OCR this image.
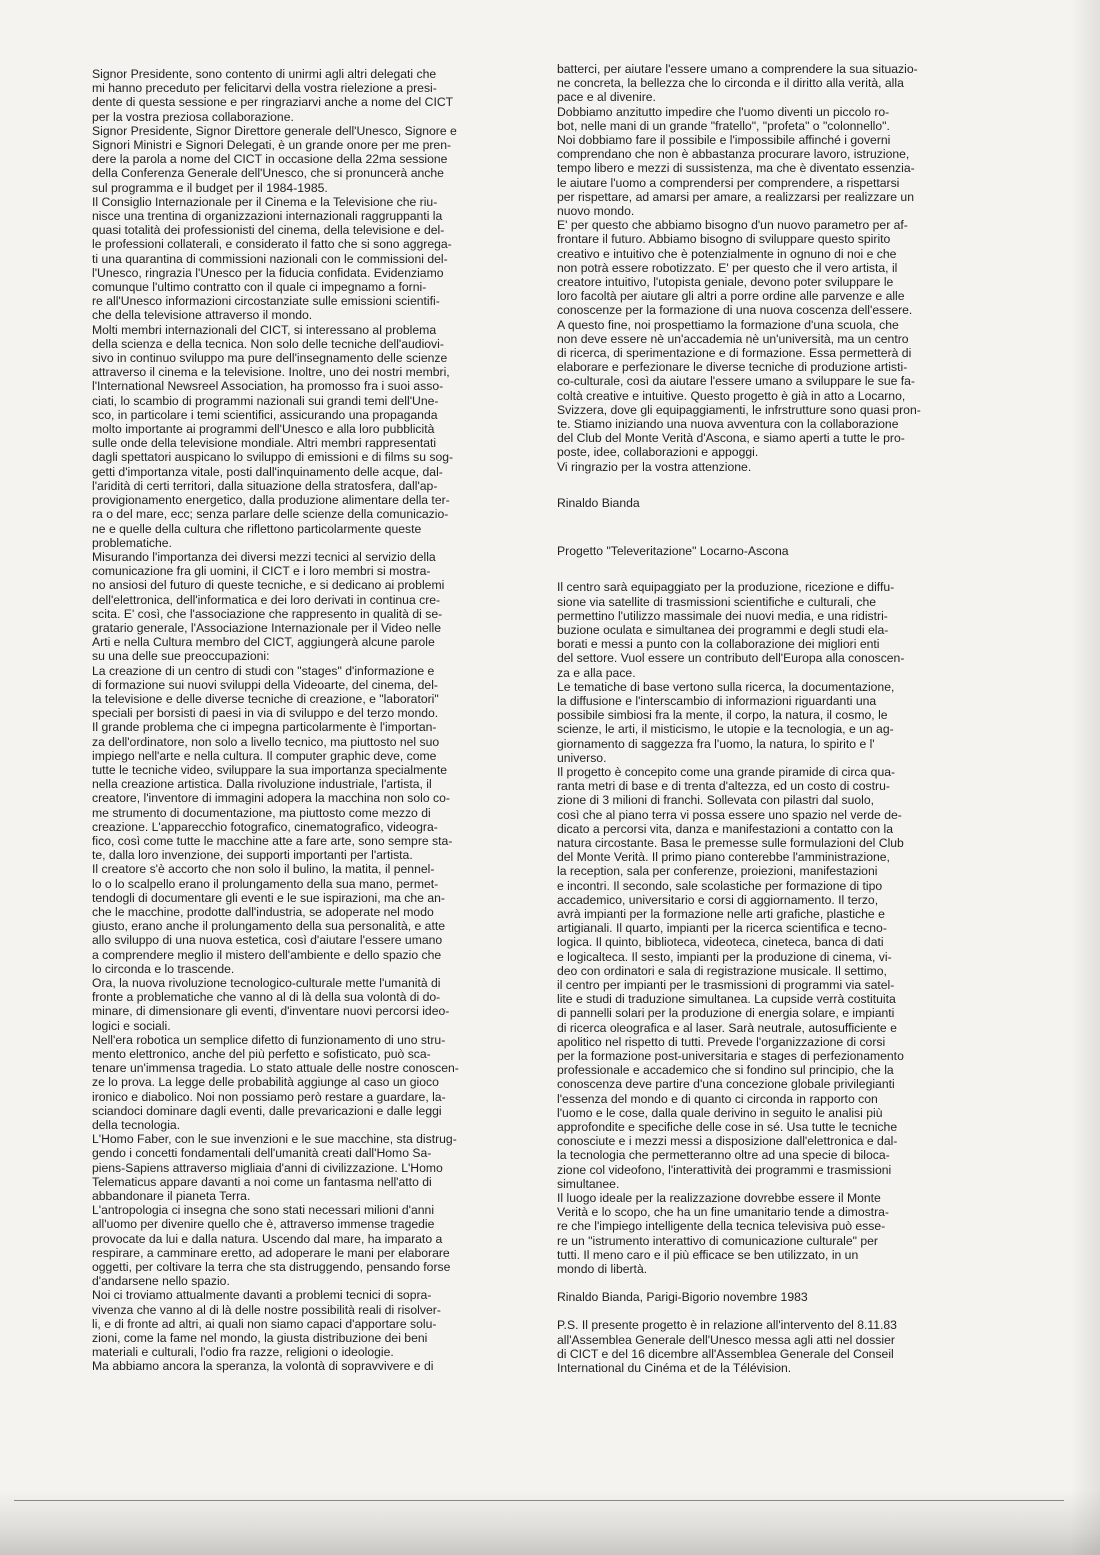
Signor Presidente, sono contento di unirmi agli altri delegati che
mi hanno preceduto per felicitarvi della vostra rielezione a presi-
dente di questa sessione e per ringraziarvi anche a nome del CICT
per la vostra preziosa collaborazione.

Signor Presidente, Signor Direttore generale dell'Unesco, Signore e
Signori Ministri e Signori Delegati, è un grande onore per me pren-
dere la parola a nome del CICT in occasione della 22ma sessione
della Conferenza Generale dell'Unesco, che si pronuncerà anche
sul programma e il budget per il 1984-1985.

Il Consiglio Internazionale per il Cinema e la Televisione che riu-
nisce una trentina di organizzazioni internazionali raggruppanti la
quasi totalità dei professionisti del cinema, della televisione e del-
le professioni collaterali, e considerato il fatto che si sono aggrega-
ti una quarantina di commissioni nazionali con le commissioni del-
l'Unesco, ringrazia l'Unesco per la fiducia confidata. Evidenziamo
comunque l'ultimo contratto con il quale ci impegnamo a forni-
re all'Unesco informazioni circostanziate sulle emissioni scientifi-
che della televisione attraverso il mondo.

Molti membri internazionali del CICT, si interessano al problema
della scienza e della tecnica. Non solo delle tecniche dell'audiovi-
sivo in continuo sviluppo ma pure dell'insegnamento delle scienze
attraverso il cinema e la televisione. Inoltre, uno dei nostri membri,
l'International Newsreel Association, ha promosso fra i suoi asso-
ciati, lo scambio di programmi nazionali sui grandi temi dell'Une-
sco, in particolare i temi scientifici, assicurando una propaganda
molto importante ai programmi dell'Unesco e alla loro pubblicità
sulle onde della televisione mondiale. Altri membri rappresentati
dagli spettatori auspicano lo sviluppo di emissioni e di films su sog-
getti d'importanza vitale, posti dall'inquinamento delle acque, dal-
l'aridità di certi territori, dalla situazione della stratosfera, dall'ap-
provigionamento energetico, dalla produzione alimentare della ter-
ra o del mare, ecc; senza parlare delle scienze della comunicazio-
ne e quelle della cultura che riflettono particolarmente queste
problematiche.

Misurando l'importanza dei diversi mezzi tecnici al servizio della
comunicazione fra gli uomini, il CICT e i loro membri si mostra-
no ansiosi del futuro di queste tecniche, e si dedicano ai problemi
dell'elettronica, dell'informatica e dei loro derivati in continua cre-
scita. E' così, che l'associazione che rappresento in qualità di se-
gratario generale, l'Associazione Internazionale per il Video nelle
Arti e nella Cultura membro del CICT, aggiungerà alcune parole
su una delle sue preoccupazioni:

La creazione di un centro di studi con "stages" d'informazione e
di formazione sui nuovi sviluppi della Videoarte, del cinema, del-
la televisione e delle diverse tecniche di creazione, e "laboratori"
speciali per borsisti di paesi in via di sviluppo e del terzo mondo.

Il grande problema che ci impegna particolarmente è l'importan-
za dell'ordinatore, non solo a livello tecnico, ma piuttosto nel suo
impiego nell'arte e nella cultura. Il computer graphic deve, come
tutte le tecniche video, sviluppare la sua importanza specialmente
nella creazione artistica. Dalla rivoluzione industriale, l'artista, il
creatore, l'inventore di immagini adopera la macchina non solo co-
me strumento di documentazione, ma piuttosto come mezzo di
creazione. L'apparecchio fotografico, cinematografico, videogra-
fico, così come tutte le macchine atte a fare arte, sono sempre sta-
te, dalla loro invenzione, dei supporti importanti per l'artista.

Il creatore s'è accorto che non solo il bulino, la matita, il pennel-
lo o lo scalpello erano il prolungamento della sua mano, permet-
tendogli di documentare gli eventi e le sue ispirazioni, ma che an-
che le macchine, prodotte dall'industria, se adoperate nel modo
giusto, erano anche il prolungamento della sua personalità, e atte
allo sviluppo di una nuova estetica, così d'aiutare l'essere umano
a comprendere meglio il mistero dell'ambiente e dello spazio che
lo circonda e lo trascende.

Ora, la nuova rivoluzione tecnologico-culturale mette l'umanità di
fronte a problematiche che vanno al di là della sua volontà di do-
minare, di dimensionare gli eventi, d'inventare nuovi percorsi ideo-
logici e sociali.

Nell'era robotica un semplice difetto di funzionamento di uno stru-
mento elettronico, anche del più perfetto e sofisticato, può sca-
tenare un'immensa tragedia. Lo stato attuale delle nostre conoscen-
ze lo prova. La legge delle probabilità aggiunge al caso un gioco
ironico e diabolico. Noi non possiamo però restare a guardare, la-
sciandoci dominare dagli eventi, dalle prevaricazioni e dalle leggi
della tecnologia.

L'Homo Faber, con le sue invenzioni e le sue macchine, sta distrug-
gendo i concetti fondamentali dell'umanità creati dall'Homo Sa-
piens-Sapiens attraverso migliaia d'anni di civilizzazione. L'Homo
Telematicus appare davanti a noi come un fantasma nell'atto di
abbandonare il pianeta Terra.

L'antropologia ci insegna che sono stati necessari milioni d'anni
all'uomo per divenire quello che è, attraverso immense tragedie
provocate da lui e dalla natura. Uscendo dal mare, ha imparato a
respirare, a camminare eretto, ad adoperare le mani per elaborare
oggetti, per coltivare la terra che sta distruggendo, pensando forse
d'andarsene nello spazio.

Noi ci troviamo attualmente davanti a problemi tecnici di sopra-
vivenza che vanno al di là delle nostre possibilità reali di risolver-
li, e di fronte ad altri, ai quali non siamo capaci d'apportare solu-
zioni, come la fame nel mondo, la giusta distribuzione dei beni
materiali e culturali, l'odio fra razze, religioni o ideologie.

Ma abbiamo ancora la speranza, la volontà di sopravvivere e di

batterci, per aiutare l'essere umano a comprendere la sua situazio-
ne concreta, la bellezza che lo circonda e il diritto alla verità, alla
pace e al divenire.

Dobbiamo anzitutto impedire che l'uomo diventi un piccolo ro-
bot, nelle mani di un grande "fratello", "profeta" o "colonnello".
Noi dobbiamo fare il possibile e l'impossibile affinché i governi
comprendano che non è abbastanza procurare lavoro, istruzione,
tempo libero e mezzi di sussistenza, ma che è diventato essenzia-
le aiutare l'uomo a comprendersi per comprendere, a rispettarsi
per rispettare, ad amarsi per amare, a realizzarsi per realizzare un
nuovo mondo.

E' per questo che abbiamo bisogno d'un nuovo parametro per af-
frontare il futuro. Abbiamo bisogno di sviluppare questo spirito
creativo e intuitivo che è potenzialmente in ognuno di noi e che
non potrà essere robotizzato. E' per questo che il vero artista, il
creatore intuitivo, l'utopista geniale, devono poter sviluppare le
loro facoltà per aiutare gli altri a porre ordine alle parvenze e alle
conoscenze per la formazione di una nuova coscenza dell'essere.

A questo fine, noi prospettiamo la formazione d'una scuola, che
non deve essere nè un'accademia nè un'università, ma un centro
di ricerca, di sperimentazione e di formazione. Essa permetterà di
elaborare e perfezionare le diverse tecniche di produzione artisti-
co-culturale, così da aiutare l'essere umano a sviluppare le sue fa-
coltà creative e intuitive. Questo progetto è già in atto a Locarno,
Svizzera, dove gli equipaggiamenti, le infrstrutture sono quasi pron-
te. Stiamo iniziando una nuova avventura con la collaborazione
del Club del Monte Verità d'Ascona, e siamo aperti a tutte le pro-
poste, idee, collaborazioni e appoggi.

Vi ringrazio per la vostra attenzione.

Rinaldo Bianda

Progetto "Televeritazione" Locarno-Ascona

Il centro sarà equipaggiato per la produzione, ricezione e diffu-
sione via satellite di trasmissioni scientifiche e culturali, che
permettino l'utilizzo massimale dei nuovi media, e una ridistri-
buzione oculata e simultanea dei programmi e degli studi ela-
borati e messi a punto con la collaborazione dei migliori enti
del settore. Vuol essere un contributo dell'Europa alla conoscen-
za e alla pace.

Le tematiche di base vertono sulla ricerca, la documentazione,
la diffusione e l'interscambio di informazioni riguardanti una
possibile simbiosi fra la mente, il corpo, la natura, il cosmo, le
scienze, le arti, il misticismo, le utopie e la tecnologia, e un ag-
giornamento di saggezza fra l'uomo, la natura, lo spirito e l'
universo.

Il progetto è concepito come una grande piramide di circa qua-
ranta metri di base e di trenta d'altezza, ed un costo di costru-
zione di 3 milioni di franchi. Sollevata con pilastri dal suolo,
così che al piano terra vi possa essere uno spazio nel verde de-
dicato a percorsi vita, danza e manifestazioni a contatto con la
natura circostante. Basa le premesse sulle formulazioni del Club
del Monte Verità. Il primo piano conterebbe l'amministrazione,
la reception, sala per conferenze, proiezioni, manifestazioni
e incontri. Il secondo, sale scolastiche per formazione di tipo
accademico, universitario e corsi di aggiornamento. Il terzo,
avrà impianti per la formazione nelle arti grafiche, plastiche e
artigianali. Il quarto, impianti per la ricerca scientifica e tecno-
logica. Il quinto, biblioteca, videoteca, cineteca, banca di dati
e logicalteca. Il sesto, impianti per la produzione di cinema, vi-
deo con ordinatori e sala di registrazione musicale. Il settimo,
il centro per impianti per le trasmissioni di programmi via satel-
lite e studi di traduzione simultanea. La cupside verrà costituita
di pannelli solari per la produzione di energia solare, e impianti
di ricerca oleografica e al laser. Sarà neutrale, autosufficiente e
apolitico nel rispetto di tutti. Prevede l'organizzazione di corsi
per la formazione post-universitaria e stages di perfezionamento
professionale e accademico che si fondino sul principio, che la
conoscenza deve partire d'una concezione globale privilegianti
l'essenza del mondo e di quanto ci circonda in rapporto con
l'uomo e le cose, dalla quale derivino in seguito le analisi più
approfondite e specifiche delle cose in sé. Usa tutte le tecniche
conosciute e i mezzi messi a disposizione dall'elettronica e dal-
la tecnologia che permetteranno oltre ad una specie di biloca-
zione col videofono, l'interattività dei programmi e trasmissioni
simultanee.

Il luogo ideale per la realizzazione dovrebbe essere il Monte
Verità e lo scopo, che ha un fine umanitario tende a dimostra-
re che l'impiego intelligente della tecnica televisiva può esse-
re un "istrumento interattivo di comunicazione culturale" per
tutti. Il meno caro e il più efficace se ben utilizzato, in un
mondo di libertà.

Rinaldo Bianda, Parigi-Bigorio novembre 1983

P.S. Il presente progetto è in relazione all'intervento del 8.11.83
all'Assemblea Generale dell'Unesco messa agli atti nel dossier
di CICT e del 16 dicembre all'Assemblea Generale del Conseil
International du Cinéma et de la Télévision.
